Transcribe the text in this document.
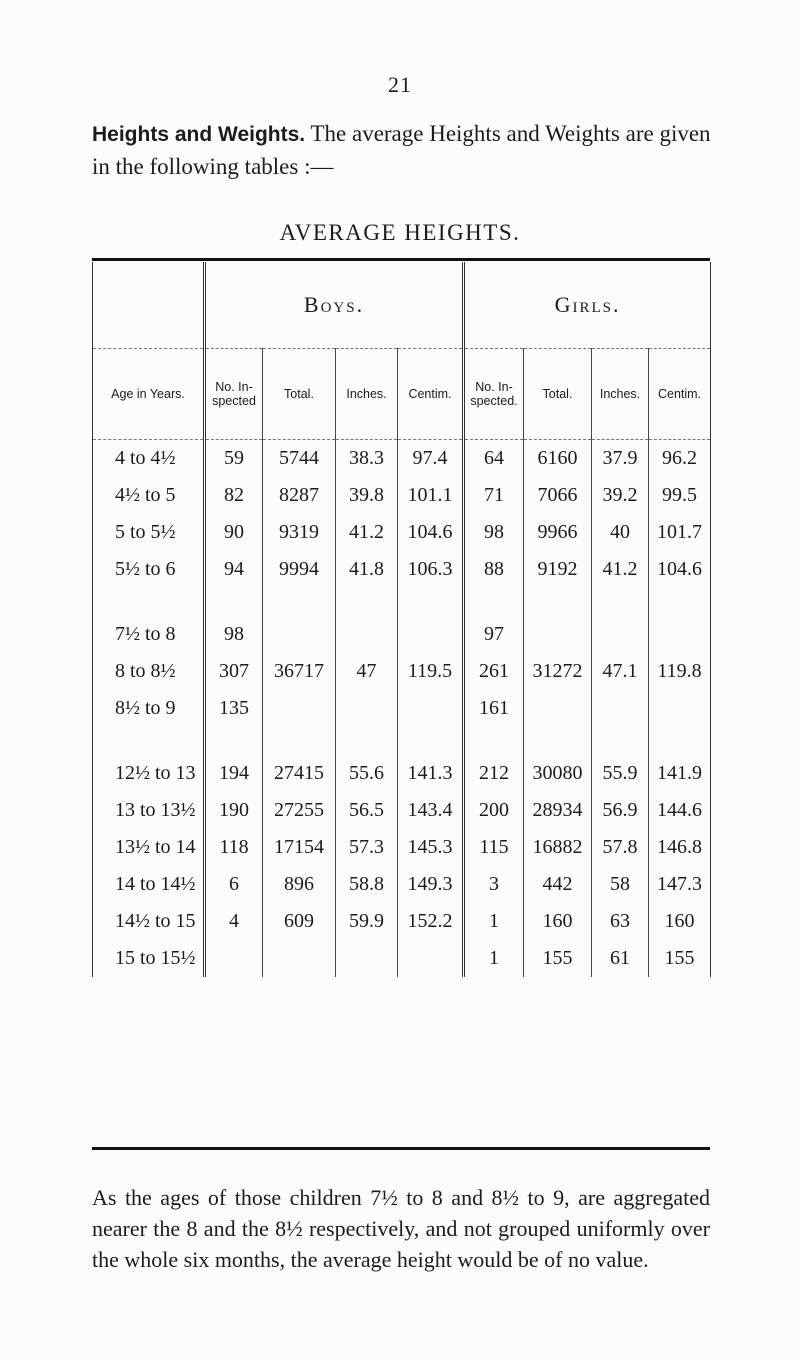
21
Heights and Weights. The average Heights and Weights are given in the following tables :—
AVERAGE HEIGHTS.
	Boys.				Girls.			
Age in Years.	No. In-spected	Total.	Inches.	Centim.	No. In-spected.	Total.	Inches.	Centim.
4 to 4½	59	5744	38.3	97.4	64	6160	37.9	96.2
4½ to 5	82	8287	39.8	101.1	71	7066	39.2	99.5
5 to 5½	90	9319	41.2	104.6	98	9966	40	101.7
5½ to 6	94	9994	41.8	106.3	88	9192	41.2	104.6

7½ to 8	98				97			
8 to 8½	307	36717	47	119.5	261	31272	47.1	119.8
8½ to 9	135				161			

12½ to 13	194	27415	55.6	141.3	212	30080	55.9	141.9
13 to 13½	190	27255	56.5	143.4	200	28934	56.9	144.6
13½ to 14	118	17154	57.3	145.3	115	16882	57.8	146.8
14 to 14½	6	896	58.8	149.3	3	442	58	147.3
14½ to 15	4	609	59.9	152.2	1	160	63	160
15 to 15½					1	155	61	155
As the ages of those children 7½ to 8 and 8½ to 9, are aggregated nearer the 8 and the 8½ respectively, and not grouped uniformly over the whole six months, the average height would be of no value.
